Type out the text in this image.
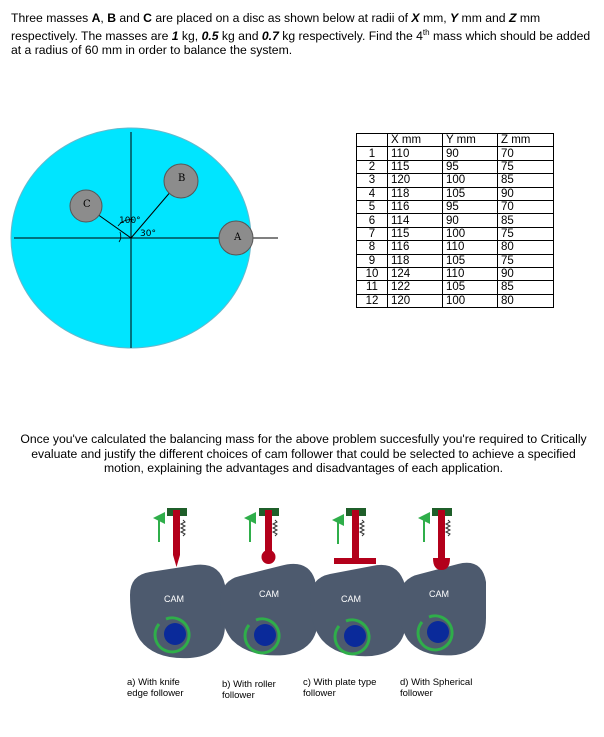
Three masses A, B and C are placed on a disc as shown below at radii of X mm, Y mm and Z mm respectively. The masses are 1 kg, 0.5 kg and 0.7 kg respectively. Find the 4th mass which should be added at a radius of 60 mm in order to balance the system.
C
B
A
100°
30°
	X mm	Y mm	Z mm
1	110	90	70
2	115	95	75
3	120	100	85
4	118	105	90
5	116	95	70
6	114	90	85
7	115	100	75
8	116	110	80
9	118	105	75
10	124	110	90
11	122	105	85
12	120	100	80
Once you've calculated the balancing mass for the above problem succesfully you're required to Critically evaluate and justify the different choices of cam follower that could be selected to achieve a specified motion, explaining the advantages and disadvantages of each application.
CAM	CAM	CAM	CAM
a) With knife
edge follower
b) With roller
follower
c) With plate type
follower
d) With Spherical
follower
